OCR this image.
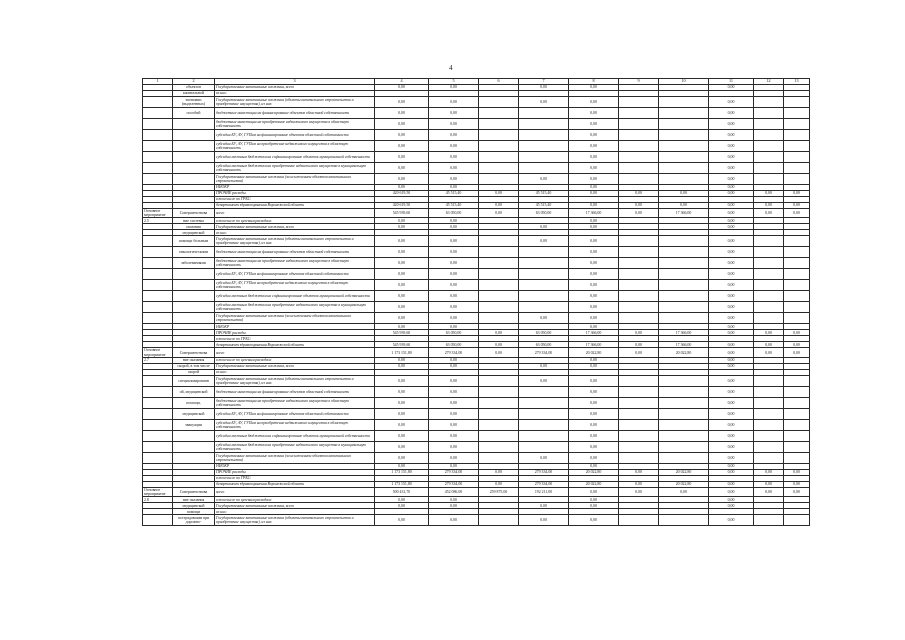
4
1	2	3	4	5	6	7	8	9	10	11	12	13
	объектов	Государственные капитальные вложения, всего	0,00	0,00		0,00	0,00			0,00		
	капитальной	из них:										
	экономии (выделенных)	Государственные капитальные вложения (объекты капитального строительства и приобретение имущества), из них:	0,00	0,00		0,00	0,00			0,00		
	пособий	бюджетные инвестиции на финансирование объектов областной собственности	0,00	0,00			0,00			0,00		
		бюджетные инвестиции на приобретение недвижимого имущества в областную собственность	0,00	0,00			0,00			0,00		
		субсидии БУ, АУ, ГУПам на финансирование объектов областной собственности	0,00	0,00			0,00			0,00		
		субсидии БУ, АУ, ГУПам на приобретение недвижимого имущества в областную собственность	0,00	0,00			0,00			0,00		
		субсидии местным бюджетам на софинансирование объектов муниципальной собственности	0,00	0,00			0,00			0,00		
		субсидии местным бюджетам на приобретение недвижимого имущества в муниципальную собственность	0,00	0,00			0,00			0,00		
		Государственные капитальные вложения (за исключением объектов капитального строительства)	0,00	0,00		0,00	0,00			0,00		
		НИОКР	0,00	0,00			0,00			0,00		
		ПРОЧИЕ расходы	420 619,50	45 515,40	0,00	45 515,40	0,00	0,00	0,00	0,00	0,00	0,00
		в том числе по ГРБС:										
		департамент здравоохранения Воронежской области	420 619,50	45 515,40	0,00	45 515,40	0,00	0,00	0,00	0,00	0,00	0,00
Основное мероприятие	Совершенствова	всего	545 939,60	63 050,00	0,00	63 050,00	17 366,00	0,00	17 366,00	0,00	0,00	0,00
2.5	ние системы	в том числе по целевым расходам:	0,00	0,00			0,00			0,00		
	оказания	Государственные капитальные вложения, всего	0,00	0,00		0,00	0,00			0,00		
	медицинской	из них:										
	помощи больным	Государственные капитальные вложения (объекты капитального строительства и приобретение имущества), из них:	0,00	0,00		0,00	0,00			0,00		
	онкологическими	бюджетные инвестиции на финансирование объектов областной собственности	0,00	0,00			0,00			0,00		
	заболеваниями	бюджетные инвестиции на приобретение недвижимого имущества в областную собственность	0,00	0,00			0,00			0,00		
		субсидии БУ, АУ, ГУПам на финансирование объектов областной собственности	0,00	0,00			0,00			0,00		
		субсидии БУ, АУ, ГУПам на приобретение недвижимого имущества в областную собственность	0,00	0,00			0,00			0,00		
		субсидии местным бюджетам на софинансирование объектов муниципальной собственности	0,00	0,00			0,00			0,00		
		субсидии местным бюджетам на приобретение недвижимого имущества в муниципальную собственность	0,00	0,00			0,00			0,00		
		Государственные капитальные вложения (за исключением объектов капитального строительства)	0,00	0,00		0,00	0,00			0,00		
		НИОКР	0,00	0,00			0,00			0,00		
		ПРОЧИЕ расходы	545 939,60	63 050,00	0,00	63 050,00	17 366,00	0,00	17 366,00	0,00	0,00	0,00
		в том числе по ГРБС:										
		департамент здравоохранения Воронежской области	545 939,60	63 050,00	0,00	63 050,00	17 366,00	0,00	17 366,00	0,00	0,00	0,00
Основное мероприятие	Совершенствова	всего	1 173 151,80	279 334,00	0,00	279 334,00	20 022,80	0,00	20 022,80	0,00	0,00	0,00
2.7	ние оказания	в том числе по целевым расходам:	0,00	0,00			0,00			0,00		
	скорой, в том числе	Государственные капитальные вложения, всего	0,00	0,00		0,00	0,00			0,00		
	скорой	из них:										
	специализированн	Государственные капитальные вложения (объекты капитального строительства и приобретение имущества), из них:	0,00	0,00		0,00	0,00			0,00		
	ой, медицинской	бюджетные инвестиции на финансирование объектов областной собственности	0,00	0,00			0,00			0,00		
	помощи,	бюджетные инвестиции на приобретение недвижимого имущества в областную собственность	0,00	0,00			0,00			0,00		
	медицинской	субсидии БУ, АУ, ГУПам на финансирование объектов областной собственности	0,00	0,00			0,00			0,00		
	эвакуации	субсидии БУ, АУ, ГУПам на приобретение недвижимого имущества в областную собственность	0,00	0,00			0,00			0,00		
		субсидии местным бюджетам на софинансирование объектов муниципальной собственности	0,00	0,00			0,00			0,00		
		субсидии местным бюджетам на приобретение недвижимого имущества в муниципальную собственность	0,00	0,00			0,00			0,00		
		Государственные капитальные вложения (за исключением объектов капитального строительства)	0,00	0,00		0,00	0,00			0,00		
		НИОКР	0,00	0,00			0,00			0,00		
		ПРОЧИЕ расходы	1 173 151,80	279 334,00	0,00	279 334,00	20 022,80	0,00	20 022,80	0,00	0,00	0,00
		в том числе по ГРБС:										
		департамент здравоохранения Воронежской области	1 173 151,80	279 334,00	0,00	279 334,00	20 022,80	0,00	20 022,80	0,00	0,00	0,00
Основное мероприятие	Совершенствова	всего	500 431,70	452 086,00	259 875,00	192 211,00	0,00	0,00	0,00	0,00	0,00	0,00
2.8	ние оказания	в том числе по целевым расходам:	0,00	0,00			0,00			0,00		
	медицинской	Государственные капитальные вложения, всего	0,00	0,00		0,00	0,00			0,00		
	помощи	из них:										
	пострадавшим при дорожно-	Государственные капитальные вложения (объекты капитального строительства и приобретение имущества), из них:	0,00	0,00		0,00	0,00			0,00		
